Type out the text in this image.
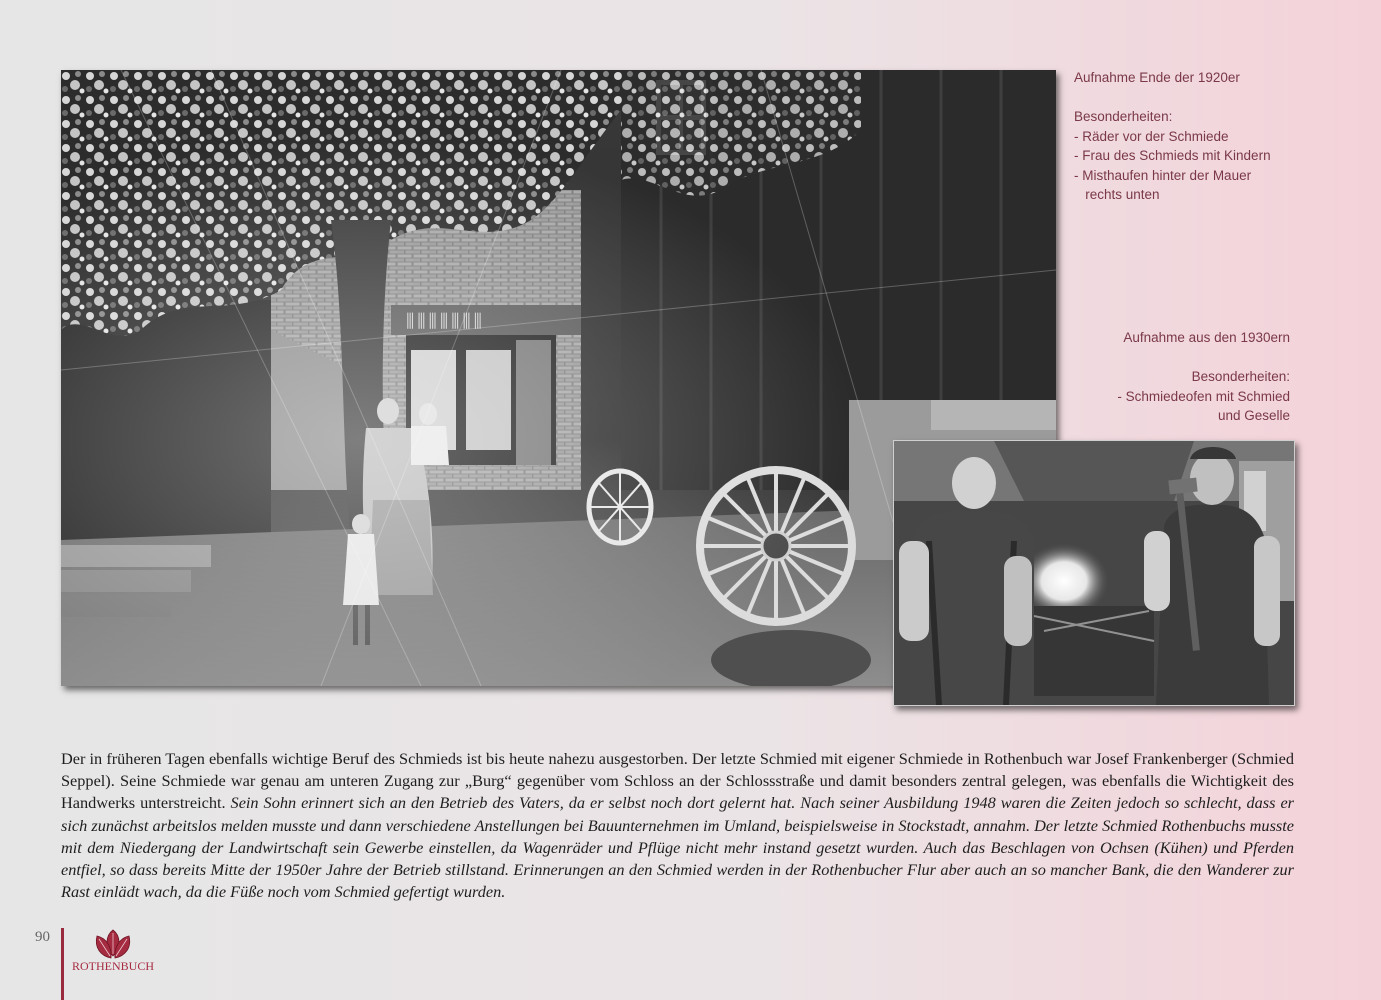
Aufnahme Ende der 1920er

Besonderheiten:
- Räder vor der Schmiede
- Frau des Schmieds mit Kindern
- Misthaufen hinter der Mauer
rechts unten
Aufnahme aus den 1930ern

Besonderheiten:
- Schmiedeofen mit Schmied
und Geselle

Der in früheren Tagen ebenfalls wichtige Beruf des Schmieds ist bis heute nahezu ausgestorben. Der letzte Schmied mit eigener Schmiede in Rothenbuch war Josef Frankenberger (Schmied Seppel). Seine Schmiede war genau am unteren Zugang zur „Burg“ gegenüber vom Schloss an der Schlossstraße und damit besonders zentral gelegen, was ebenfalls die Wichtigkeit des Handwerks unterstreicht. Sein Sohn erinnert sich an den Betrieb des Vaters, da er selbst noch dort gelernt hat. Nach seiner Ausbildung 1948 waren die Zeiten jedoch so schlecht, dass er sich zunächst arbeitslos melden musste und dann verschiedene Anstellungen bei Bauunternehmen im Umland, beispielsweise in Stockstadt, annahm. Der letzte Schmied Rothenbuchs musste mit dem Niedergang der Landwirtschaft sein Gewerbe einstellen, da Wagenräder und Pflüge nicht mehr instand gesetzt wurden. Auch das Beschlagen von Ochsen (Kühen) und Pferden entfiel, so dass bereits Mitte der 1950er Jahre der Betrieb stillstand. Erinnerungen an den Schmied werden in der Rothenbucher Flur aber auch an so mancher Bank, die den Wanderer zur Rast einlädt wach, da die Füße noch vom Schmied gefertigt wurden.

90
ROTHENBUCH
